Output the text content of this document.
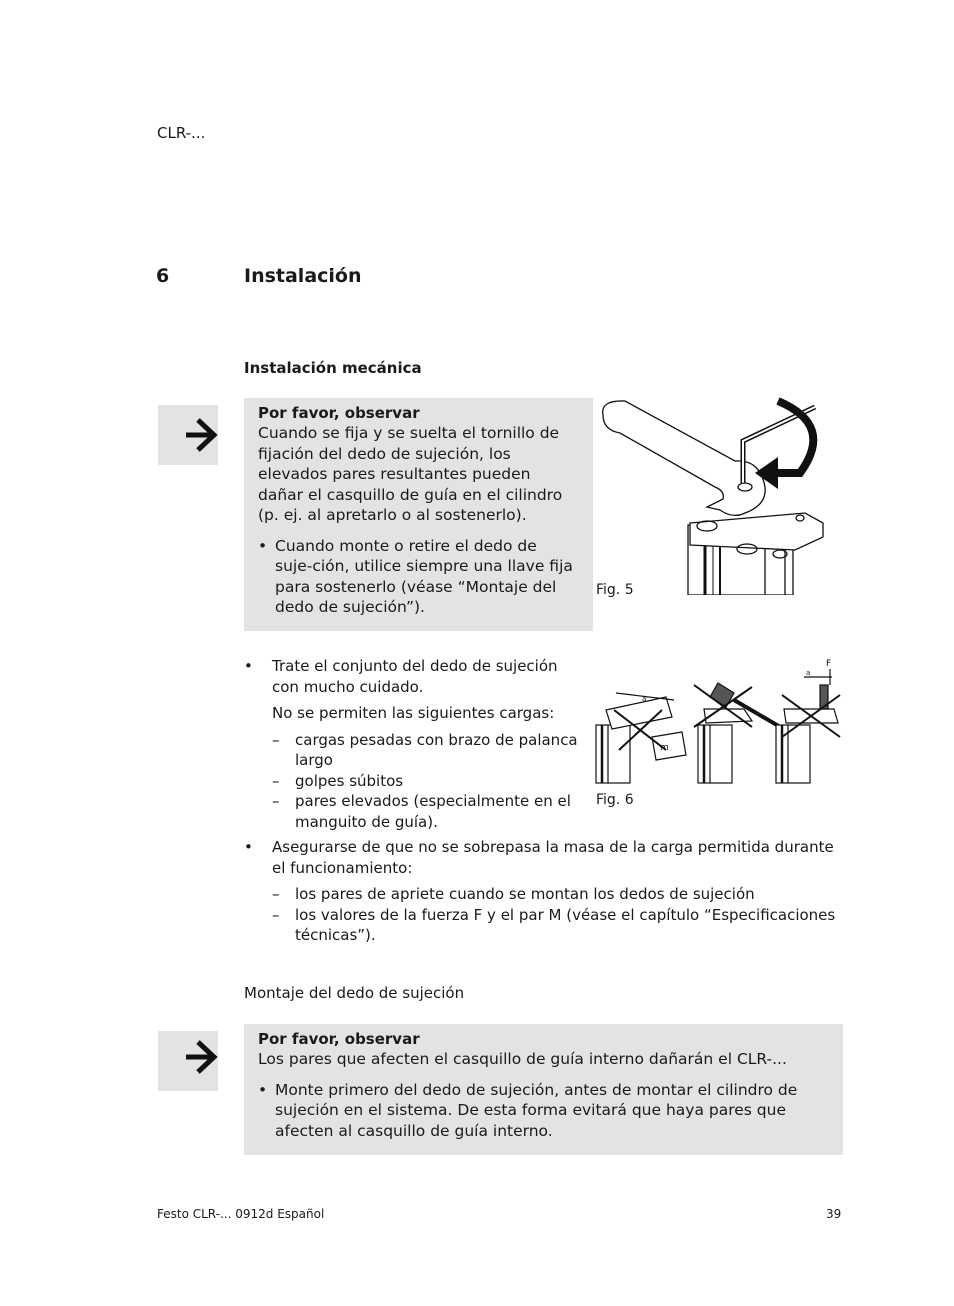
CLR-...
6	Instalación
Instalación mecánica
Por favor, observar
Cuando se fija y se suelta el tornillo de fijación del dedo de sujeción, los elevados pares resultantes pueden dañar el casquillo de guía en el cilindro (p. ej. al apretarlo o al sostenerlo).
• Cuando monte o retire el dedo de suje-ción, utilice siempre una llave fija para sostenerlo (véase “Montaje del dedo de sujeción”).
Fig. 5
• Trate el conjunto del dedo de sujeción con mucho cuidado.
No se permiten las siguientes cargas:
– cargas pesadas con brazo de palanca largo
– golpes súbitos
– pares elevados (especialmente en el manguito de guía).
a
m
a
F
Fig. 6
• Asegurarse de que no se sobrepasa la masa de la carga permitida durante el funcionamiento:
– los pares de apriete cuando se montan los dedos de sujeción
– los valores de la fuerza F y el par M (véase el capítulo “Especificaciones técnicas”).
Montaje del dedo de sujeción
Por favor, observar
Los pares que afecten el casquillo de guía interno dañarán el CLR-...
• Monte primero del dedo de sujeción, antes de montar el cilindro de sujeción en el sistema. De esta forma evitará que haya pares que afecten al casquillo de guía interno.
Festo CLR-... 0912d Español	39
